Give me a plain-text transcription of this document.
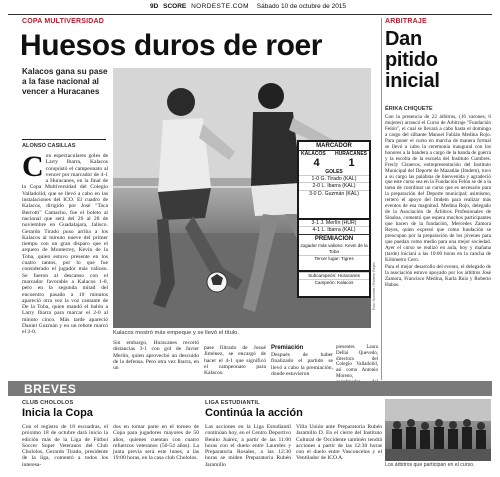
9D SCORE NORDESTE.COM Sábado 10 de octubre de 2015
COPA MULTIVERSIDAD
Huesos duros de roer
Kalacos gana su pase a la fase nacional al vencer a Huracanes
ALONSO CASILLAS
Con espectaculares goles de Larry Ibarra, Kalacos conquistó el campeonato al vencer por marcador de 4-1 a Huracanes, en la final de la Copa Multiversidad del Colegio Valladolid, que se llevó a cabo en las instalaciones del ICO. El cuadro de Kalacos, dirigido por José "Taca Berrotti" Camacho, fue el boleto al nacional que será del 26 al 28 de noviembre en Guadalajara, Jalisco. Gerardo Tirado puso arriba a los Kalacos al minuto nueve del primer tiempo con un gran disparo que el arquero de Monterrey, Kevin de la Toba, quien estuvo presente en los cuatro tantos, por lo que fue considerado el jugador más valioso. Se fueron al descanso con el marcador favorable a Kalacos 1-0, pero en la segunda mitad del encuentro pasado a 10 minutos apareció otra vez la voz cantante de De la Toba, quien mandó el balón a Larry Ibarra para marcar el 2-0 al minuto cinco. Más tarde apareció Daniel Guzmán y en un rebote marcó el 3-0.
Foto: Noroeste / Roberto Reyes
MARCADOR
KALACOS HURACANES
4	1
GOLES
1-0 G. Tirado (KAL)
2-0 L. Ibarra (KAL)
3-0 D. Guzmán (KAL)
3-1 J. Merlín (HUR)
4-1 L. Ibarra (KAL)
PREMIACIÓN
Jugador más valioso: Kevin de la Toba
Tercer lugar: Tigres
Subcampeón: Huracanes
Campeón: Kalacos
Kalacos mostró más empeque y se llevó el título.
Sin embargo, Huracanes recortó distancias 3-1 con gol de Javier Merlín, quien aprovechó un descuido de la defensa. Pero otra vez Ibarra, en un
pase filtrado de Josué Jiménez, se encargó de hacer el 4-1 que significó el campeonato para Kalacos.
Premiación
Después de haber finalizado el partido se llevó a cabo la premiación, donde estuvieron
presentes Laura Dellai Quevedo, directora del Colegio Valladolid, así como Antonio Moreno,
ARBITRAJE
Dan pitido inicial
ÉRIKA CHIQUETE
Con la presencia de 22 árbitros, (16 varones, 6 mujeres) arrancó el Curso de Arbitraje "Fundación Felón", el cual se llevará a cabo hasta el domingo a cargo del silbante Manuel Fabián Medina Rojo. Para poner el curso en marcha de manera formal se llevó a cabo la ceremonia inaugural con los honores a la bandera a cargo de la banda de guerra y la escolta de la escuela del Instituto Cumbres. Frecly Cisneros, entrepresentación del Instituto Municipal del Deporte de Mazatlán (Imdem), tuvo a su cargo las palabras de bienvenida y agradeció que este curso sea en la Fundación Felón se dé a la tarea de coordinar un curso que es necesario para la preparación del Deporte municipal; asimismo, reiteró el apoyo del Imdem para realizar más eventos de esa magnitud. Medina Rojo, delegado de la Asociación de Árbitros Profesionales de Sinaloa, comentó que espera muchos participantes que hacen de la fundación, Mercedes Zamora Reyes, quien expresó que como fundación se preocupan por la preparación de los jóvenes para que puedan como medio para una mejor sociedad. Ayer el curso se realizó en aula, hoy y mañana (tarde) iniciará a las 10:00 horas en la cancha de Kilómetro Cero.
Para el mejor desarrollo del evento, el delegado de la asociación estuvo apoyado por los árbitros José Zamora, Francisco Medina, Karla Ruiz y Roberto Habas.
BREVES
CLUB CHOLOLOS
Inicia la Copa
Con el registro de 18 escuadras, el próximo 18 de octubre dará inicio la edición más de la Liga de Fútbol Soccer Super Veteranos del Club Chololos, Gerardo Tirado, presidente de la liga, comentó a todos los interesa-
dos en tomar parte en el torneo de Copa para jugadores mayores de 50 años, quienes cuentan con cuatro refuerzos veteranos (50-54 años). La junta previa será este lunes, a las 19:00 horas, en la casa club Chololos.
LIGA ESTUDIANTIL
Continúa la acción
Las acciones en la Liga Estudiantil continúan hoy, en el Centro Deportivo Benito Juárez, a partir de las 11:00 horas con el duelo entre Laureles y Preparatoria Rosales, a las 12:30 horas se miden Preparatoria Rubén Jaramillo
Villa Unión ante Preparatoria Rubén Jaramillo D. En el cierre del Instituto Cultural de Occidente también tendrá acciones a partir de las 12:30 horas con el duelo entre Vasconcelos y el Ventilador de ICO A.
Los árbitros que participan en el curso.
